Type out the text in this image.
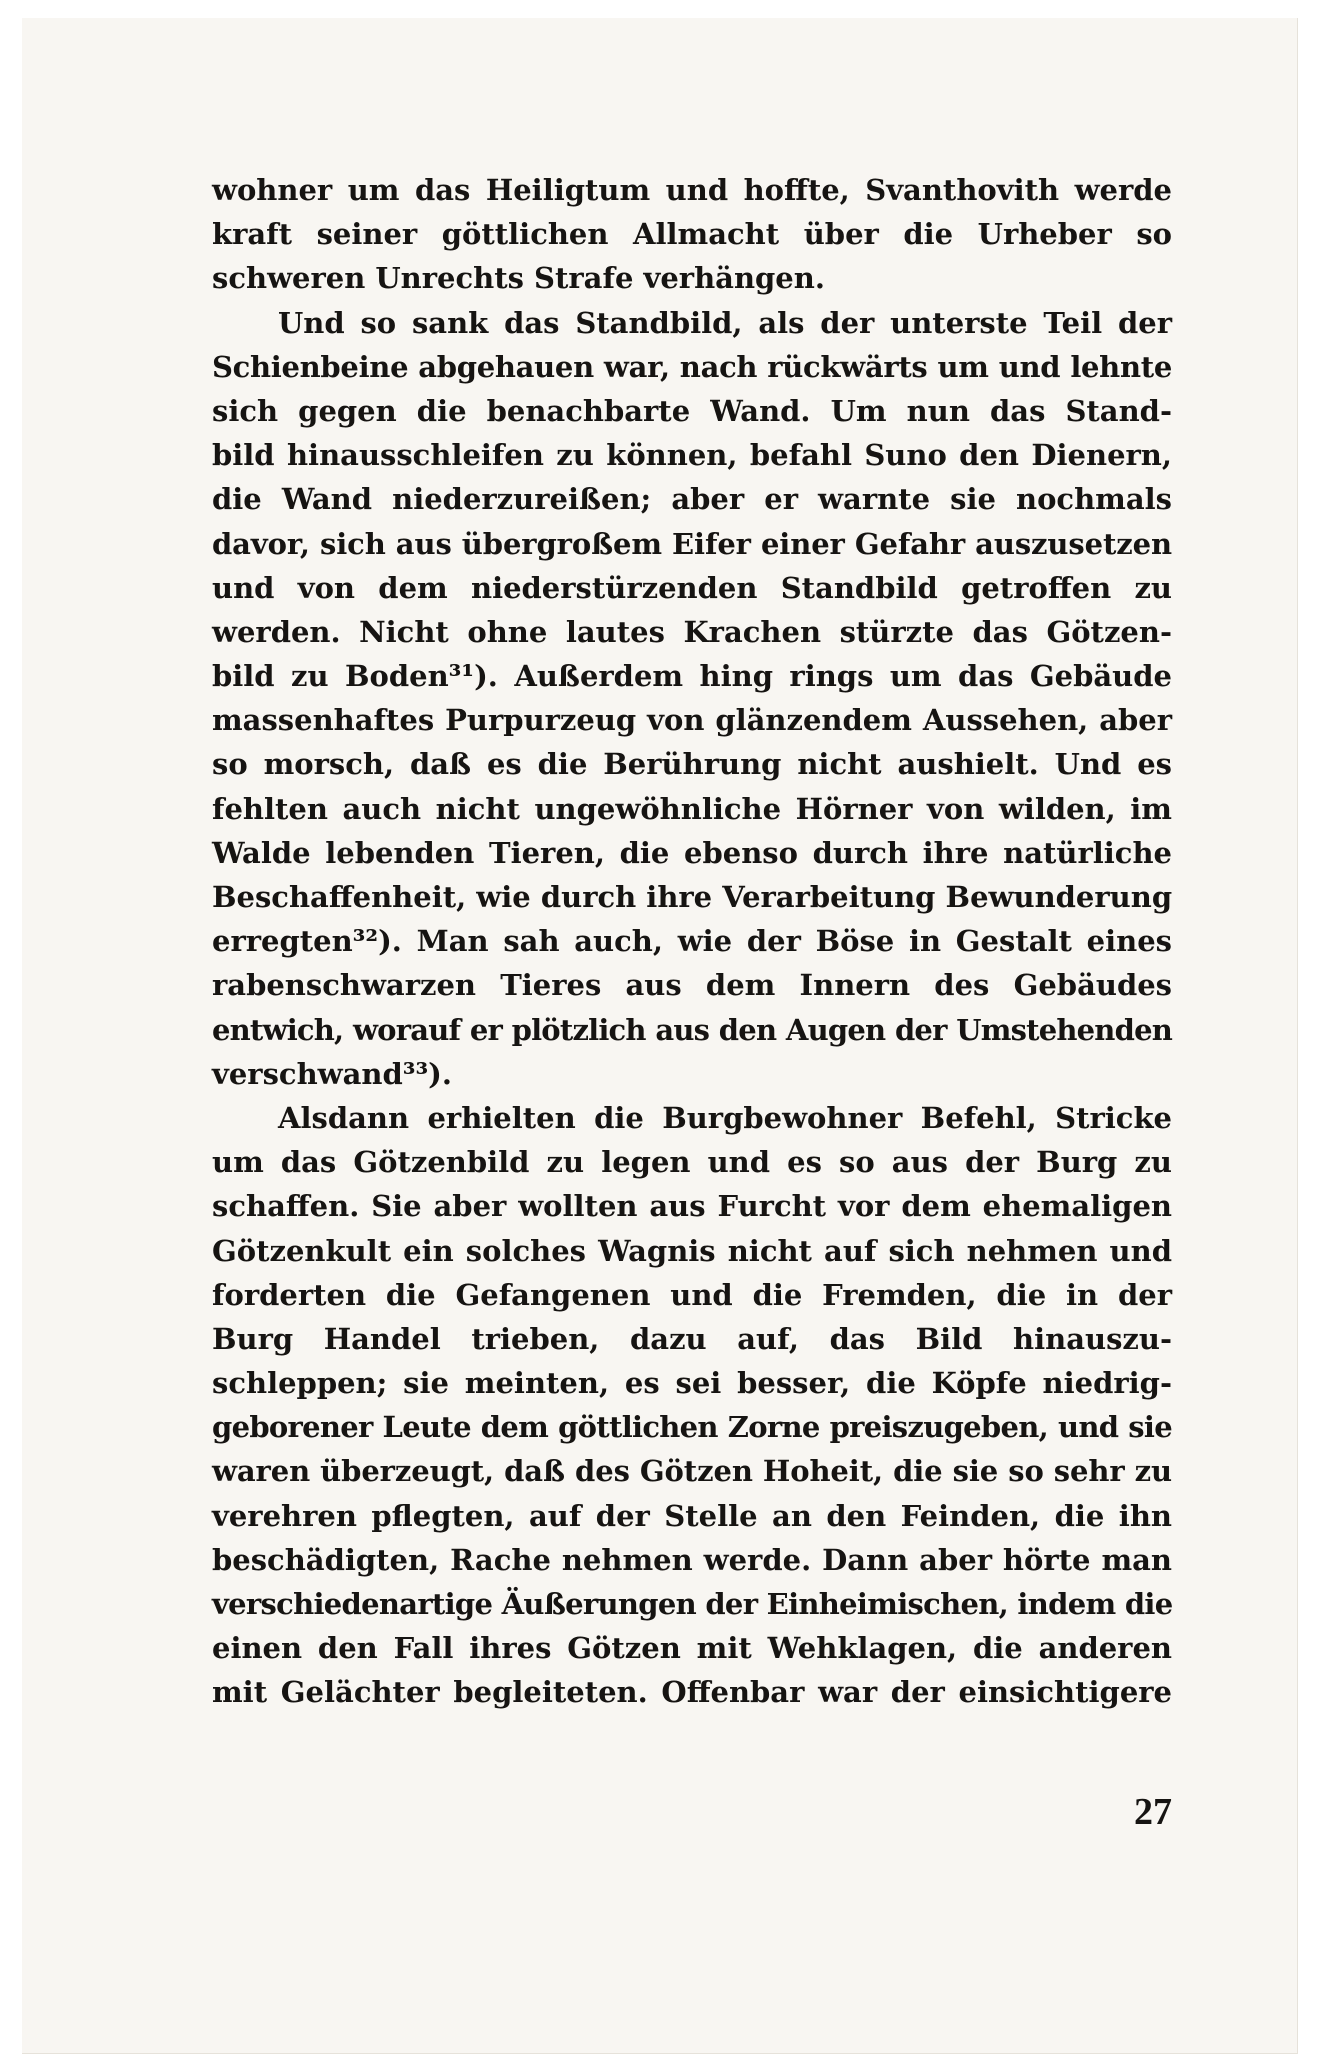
wohner um das Heiligtum und hoffte, Svanthovith werde
kraft seiner göttlichen Allmacht über die Urheber so
schweren Unrechts Strafe verhängen.
Und so sank das Standbild, als der unterste Teil der
Schienbeine abgehauen war, nach rückwärts um und lehnte
sich gegen die benachbarte Wand. Um nun das Stand-
bild hinausschleifen zu können, befahl Suno den Dienern,
die Wand niederzureißen; aber er warnte sie nochmals
davor, sich aus übergroßem Eifer einer Gefahr auszusetzen
und von dem niederstürzenden Standbild getroffen zu
werden. Nicht ohne lautes Krachen stürzte das Götzen-
bild zu Boden³¹). Außerdem hing rings um das Gebäude
massenhaftes Purpurzeug von glänzendem Aussehen, aber
so morsch, daß es die Berührung nicht aushielt. Und es
fehlten auch nicht ungewöhnliche Hörner von wilden, im
Walde lebenden Tieren, die ebenso durch ihre natürliche
Beschaffenheit, wie durch ihre Verarbeitung Bewunderung
erregten³²). Man sah auch, wie der Böse in Gestalt eines
rabenschwarzen Tieres aus dem Innern des Gebäudes
entwich, worauf er plötzlich aus den Augen der Umstehenden
verschwand³³).
Alsdann erhielten die Burgbewohner Befehl, Stricke
um das Götzenbild zu legen und es so aus der Burg zu
schaffen. Sie aber wollten aus Furcht vor dem ehemaligen
Götzenkult ein solches Wagnis nicht auf sich nehmen und
forderten die Gefangenen und die Fremden, die in der
Burg Handel trieben, dazu auf, das Bild hinauszu-
schleppen; sie meinten, es sei besser, die Köpfe niedrig-
geborener Leute dem göttlichen Zorne preiszugeben, und sie
waren überzeugt, daß des Götzen Hoheit, die sie so sehr zu
verehren pflegten, auf der Stelle an den Feinden, die ihn
beschädigten, Rache nehmen werde. Dann aber hörte man
verschiedenartige Äußerungen der Einheimischen, indem die
einen den Fall ihres Götzen mit Wehklagen, die anderen
mit Gelächter begleiteten. Offenbar war der einsichtigere
27
